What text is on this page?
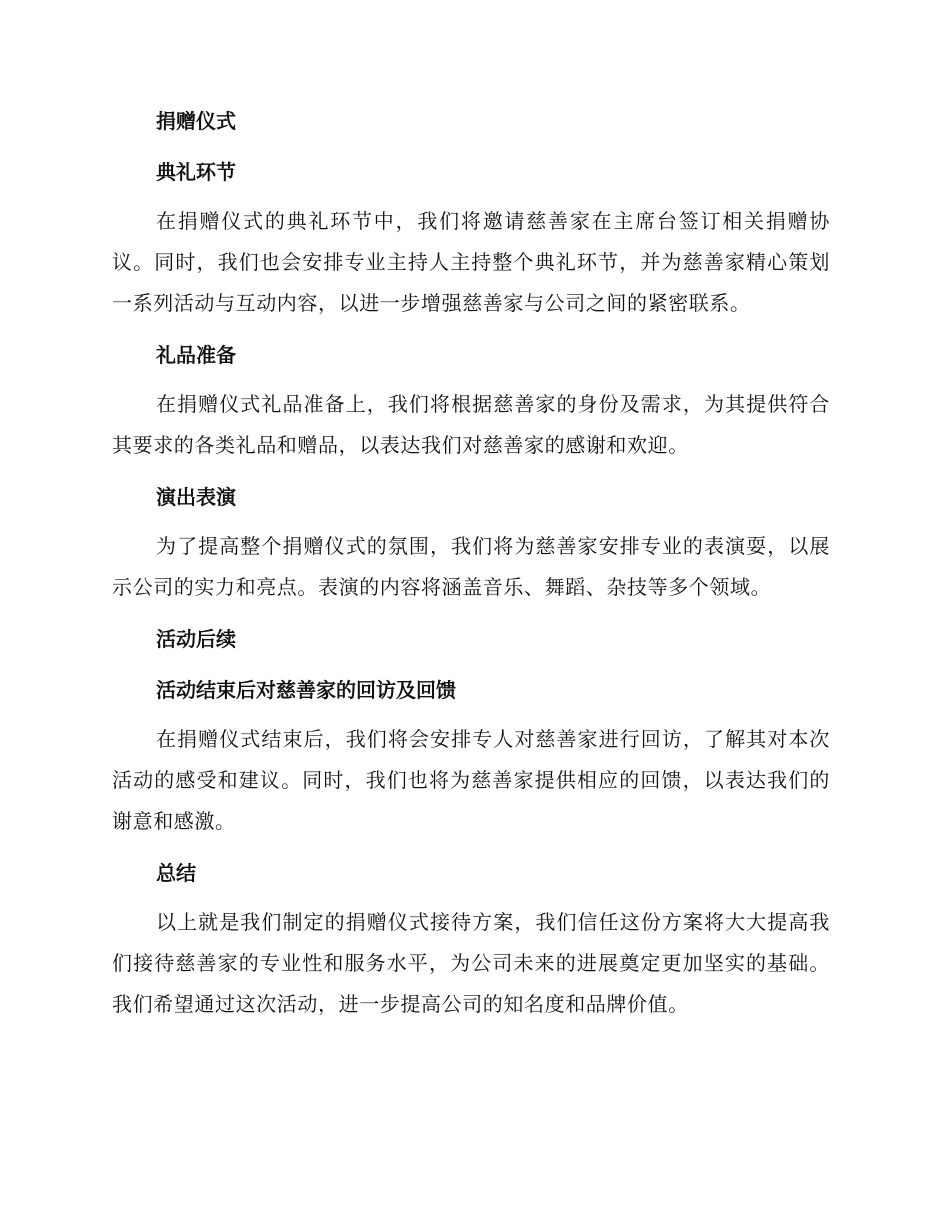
捐赠仪式
典礼环节

在捐赠仪式的典礼环节中，我们将邀请慈善家在主席台签订相关捐赠协议。同时，我们也会安排专业主持人主持整个典礼环节，并为慈善家精心策划一系列活动与互动内容，以进一步增强慈善家与公司之间的紧密联系。

礼品准备

在捐赠仪式礼品准备上，我们将根据慈善家的身份及需求，为其提供符合其要求的各类礼品和赠品，以表达我们对慈善家的感谢和欢迎。

演出表演

为了提高整个捐赠仪式的氛围，我们将为慈善家安排专业的表演耍，以展示公司的实力和亮点。表演的内容将涵盖音乐、舞蹈、杂技等多个领域。

活动后续
活动结束后对慈善家的回访及回馈

在捐赠仪式结束后，我们将会安排专人对慈善家进行回访，了解其对本次活动的感受和建议。同时，我们也将为慈善家提供相应的回馈，以表达我们的谢意和感激。

总结

以上就是我们制定的捐赠仪式接待方案，我们信任这份方案将大大提高我们接待慈善家的专业性和服务水平，为公司未来的进展奠定更加坚实的基础。我们希望通过这次活动，进一步提高公司的知名度和品牌价值。
